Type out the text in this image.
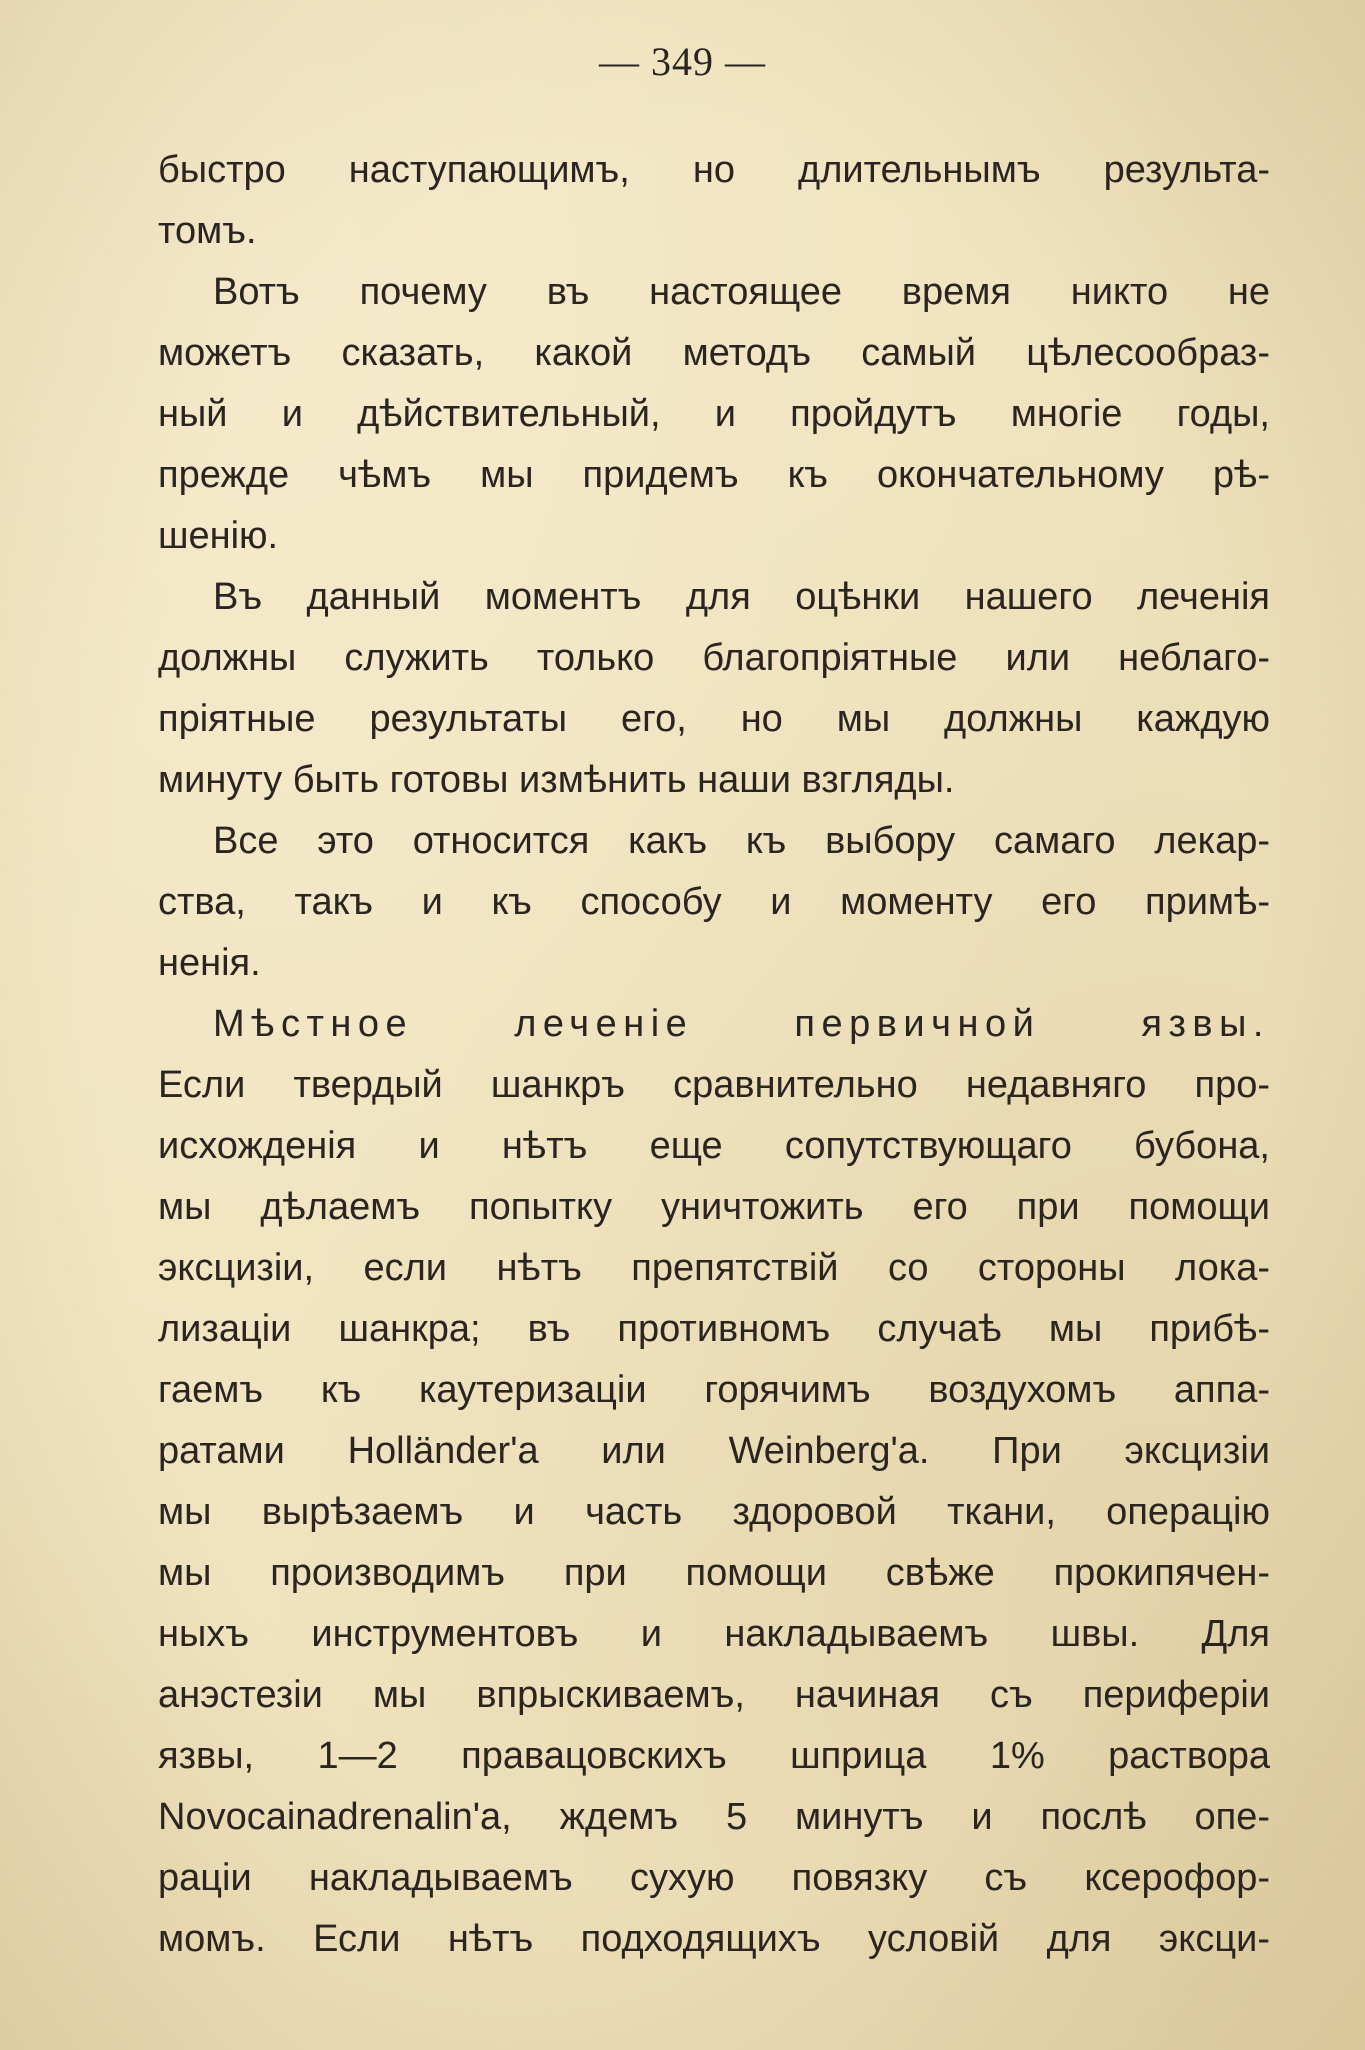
— 349 —
быстро наступающимъ, но длительнымъ результа-
томъ.
Вотъ почему въ настоящее время никто не
можетъ сказать, какой методъ самый цѣлесообраз-
ный и дѣйствительный, и пройдутъ многіе годы,
прежде чѣмъ мы придемъ къ окончательному рѣ-
шенію.
Въ данный моментъ для оцѣнки нашего леченія
должны служить только благопріятные или неблаго-
пріятные результаты его, но мы должны каждую
минуту быть готовы измѣнить наши взгляды.
Все это относится какъ къ выбору самаго лекар-
ства, такъ и къ способу и моменту его примѣ-
ненія.
Мѣстное леченіе первичной язвы.
Если твердый шанкръ сравнительно недавняго про-
исхожденія и нѣтъ еще сопутствующаго бубона,
мы дѣлаемъ попытку уничтожить его при помощи
эксцизіи, если нѣтъ препятствій со стороны лока-
лизаціи шанкра; въ противномъ случаѣ мы прибѣ-
гаемъ къ каутеризаціи горячимъ воздухомъ аппа-
ратами Holländer'a или Weinberg'a. При эксцизіи
мы вырѣзаемъ и часть здоровой ткани, операцію
мы производимъ при помощи свѣже прокипячен-
ныхъ инструментовъ и накладываемъ швы. Для
анэстезіи мы впрыскиваемъ, начиная съ периферіи
язвы, 1—2 правацовскихъ шприца 1% раствора
Novocainadrenalin'a, ждемъ 5 минутъ и послѣ опе-
раціи накладываемъ сухую повязку съ ксерофор-
момъ. Если нѣтъ подходящихъ условій для эксци-
